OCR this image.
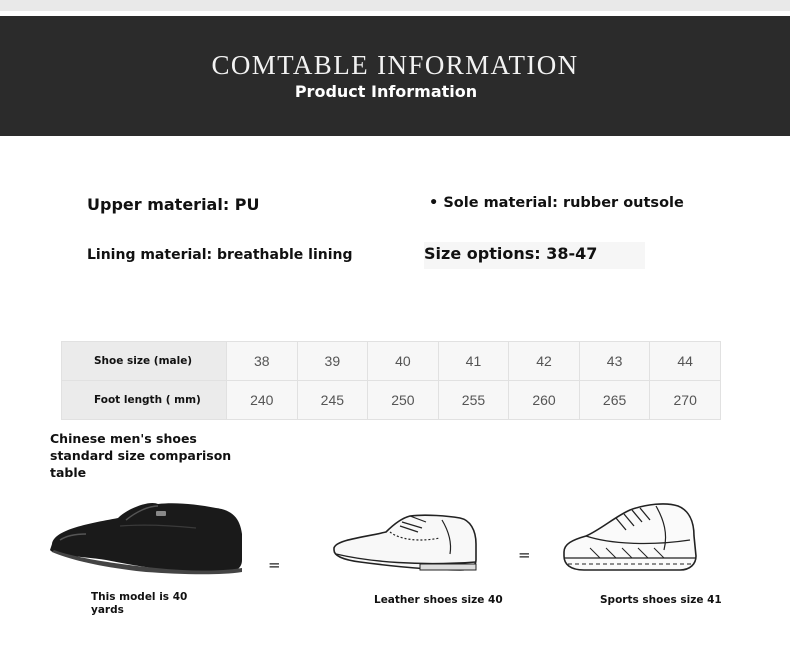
COMTABLE INFORMATION
Product Information
Upper material: PU	• Sole material: rubber outsole
Lining material: breathable lining	Size options: 38-47
Shoe size (male)	38	39	40	41	42	43	44
Foot length ( mm)	240	245	250	255	260	265	270
Chinese men's shoes standard size comparison table
=
=
This model is 40 yards
Leather shoes size 40	Sports shoes size 41
